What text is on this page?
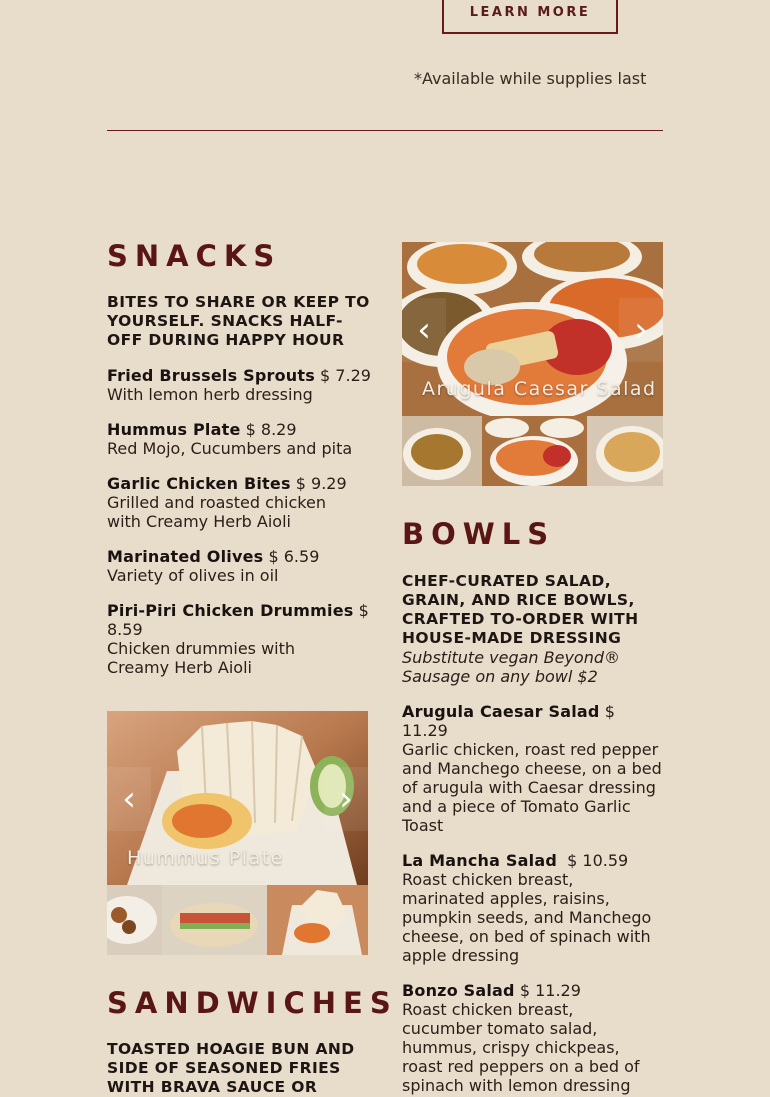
LEARN MORE
*Available while supplies last
SNACKS
BITES TO SHARE OR KEEP TO YOURSELF. SNACKS HALF-OFF DURING HAPPY HOUR
Fried Brussels Sprouts $ 7.29
With lemon herb dressing
Hummus Plate $ 8.29
Red Mojo, Cucumbers and pita
Garlic Chicken Bites $ 9.29
Grilled and roasted chicken with Creamy Herb Aioli
Marinated Olives $ 6.59
Variety of olives in oil
Piri-Piri Chicken Drummies $ 8.59
Chicken drummies with Creamy Herb Aioli
‹	›
Hummus Plate
SANDWICHES
TOASTED HOAGIE BUN AND SIDE OF SEASONED FRIES WITH BRAVA SAUCE OR
‹	›
Arugula Caesar Salad
BOWLS
CHEF-CURATED SALAD, GRAIN, AND RICE BOWLS, CRAFTED TO-ORDER WITH HOUSE-MADE DRESSING
Substitute vegan Beyond® Sausage on any bowl $2
Arugula Caesar Salad $ 11.29
Garlic chicken, roast red pepper and Manchego cheese, on a bed of arugula with Caesar dressing and a piece of Tomato Garlic Toast
La Mancha Salad $ 10.59
Roast chicken breast, marinated apples, raisins, pumpkin seeds, and Manchego cheese, on bed of spinach with apple dressing
Bonzo Salad $ 11.29
Roast chicken breast, cucumber tomato salad, hummus, crispy chickpeas, roast red peppers on a bed of spinach with lemon dressing
